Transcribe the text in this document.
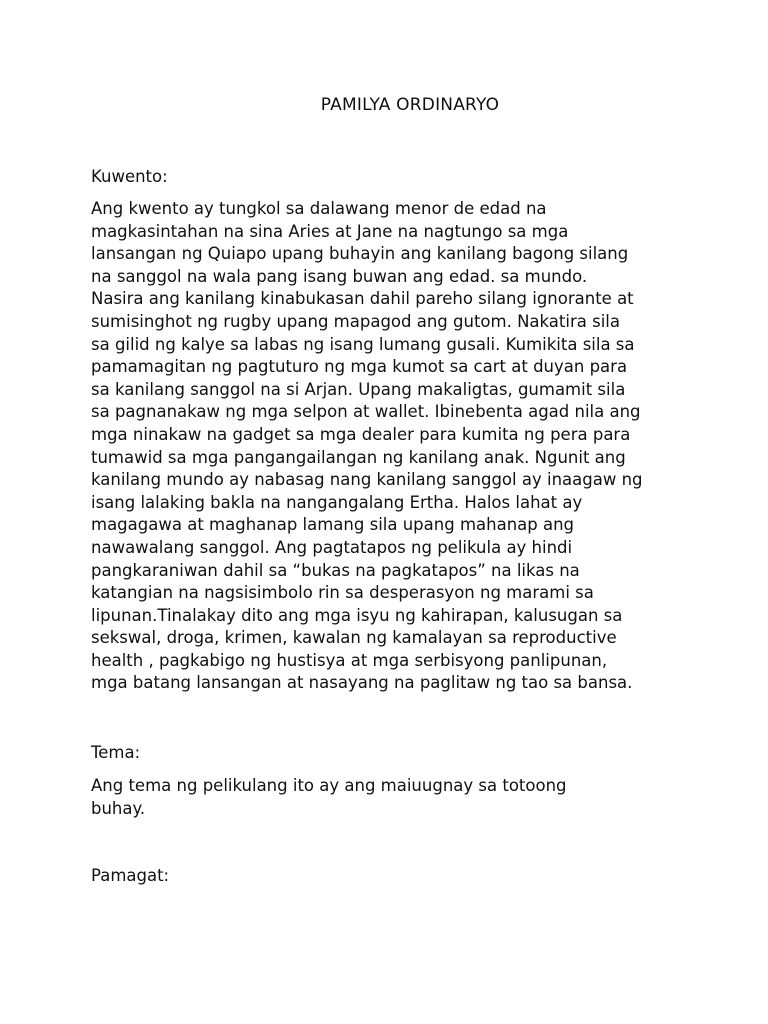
PAMILYA ORDINARYO
Kuwento:
Ang kwento ay tungkol sa dalawang menor de edad na
magkasintahan na sina Aries at Jane na nagtungo sa mga
lansangan ng Quiapo upang buhayin ang kanilang bagong silang
na sanggol na wala pang isang buwan ang edad. sa mundo.
Nasira ang kanilang kinabukasan dahil pareho silang ignorante at
sumisinghot ng rugby upang mapagod ang gutom. Nakatira sila
sa gilid ng kalye sa labas ng isang lumang gusali. Kumikita sila sa
pamamagitan ng pagtuturo ng mga kumot sa cart at duyan para
sa kanilang sanggol na si Arjan. Upang makaligtas, gumamit sila
sa pagnanakaw ng mga selpon at wallet. Ibinebenta agad nila ang
mga ninakaw na gadget sa mga dealer para kumita ng pera para
tumawid sa mga pangangailangan ng kanilang anak. Ngunit ang
kanilang mundo ay nabasag nang kanilang sanggol ay inaagaw ng
isang lalaking bakla na nangangalang Ertha. Halos lahat ay
magagawa at maghanap lamang sila upang mahanap ang
nawawalang sanggol. Ang pagtatapos ng pelikula ay hindi
pangkaraniwan dahil sa “bukas na pagkatapos” na likas na
katangian na nagsisimbolo rin sa desperasyon ng marami sa
lipunan.Tinalakay dito ang mga isyu ng kahirapan, kalusugan sa
sekswal, droga, krimen, kawalan ng kamalayan sa reproductive
health , pagkabigo ng hustisya at mga serbisyong panlipunan,
mga batang lansangan at nasayang na paglitaw ng tao sa bansa.
Tema:
Ang tema ng pelikulang ito ay ang maiuugnay sa totoong
buhay.
Pamagat:
